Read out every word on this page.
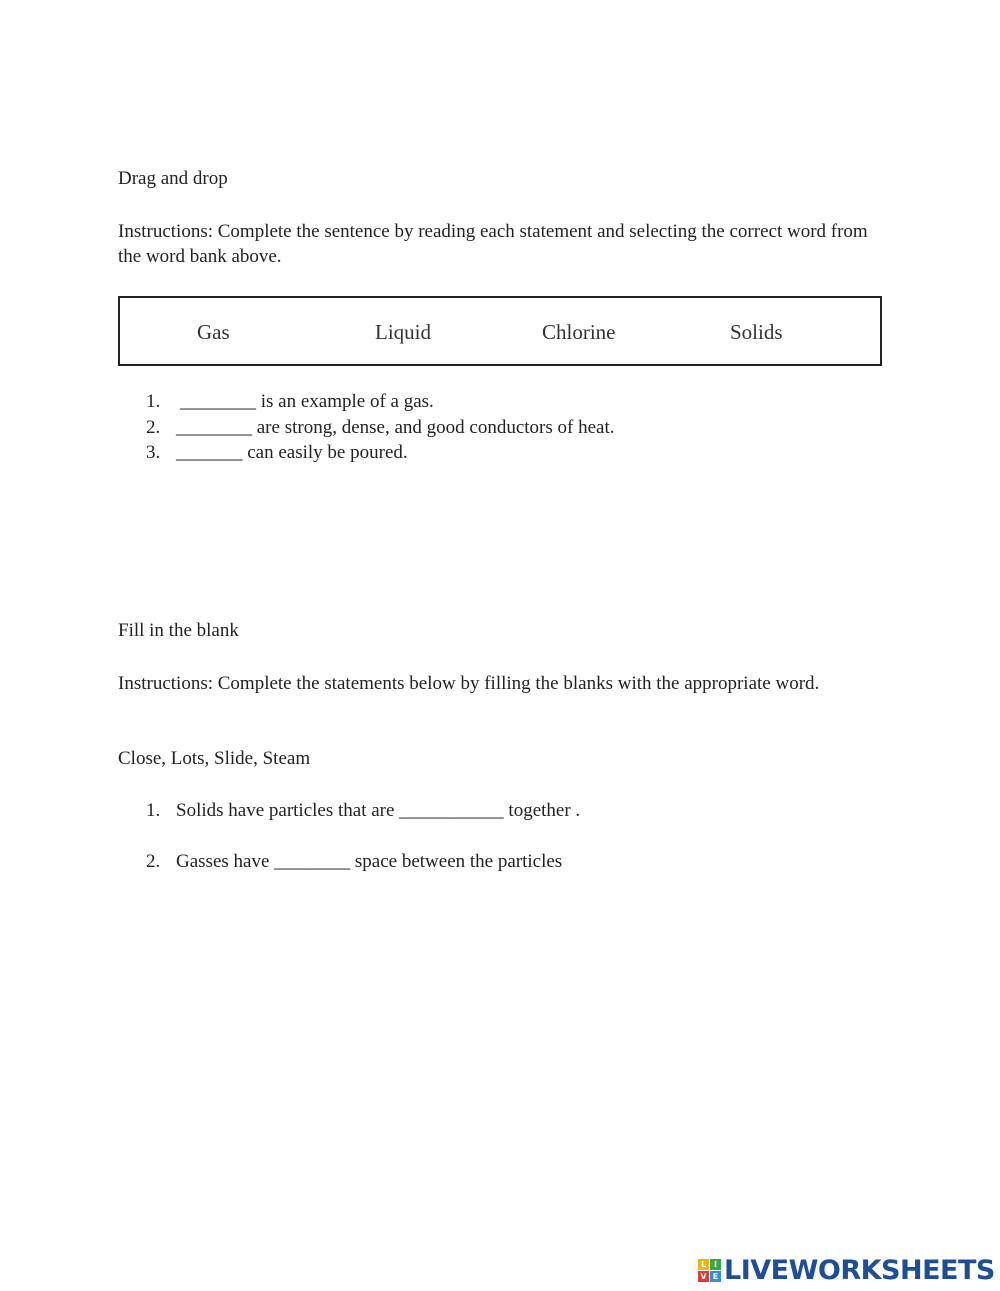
Drag and drop
Instructions: Complete the sentence by reading each statement and selecting the correct word from the word bank above.
Gas	Liquid	Chlorine	Solids
1. ________ is an example of a gas.
2. ________ are strong, dense, and good conductors of heat.
3. _______ can easily be poured.
Fill in the blank
Instructions: Complete the statements below by filling the blanks with the appropriate word.
Close, Lots, Slide, Steam
1. Solids have particles that are ___________ together .
2. Gasses have ________ space between the particles
L I
V E LIVEWORKSHEETS
